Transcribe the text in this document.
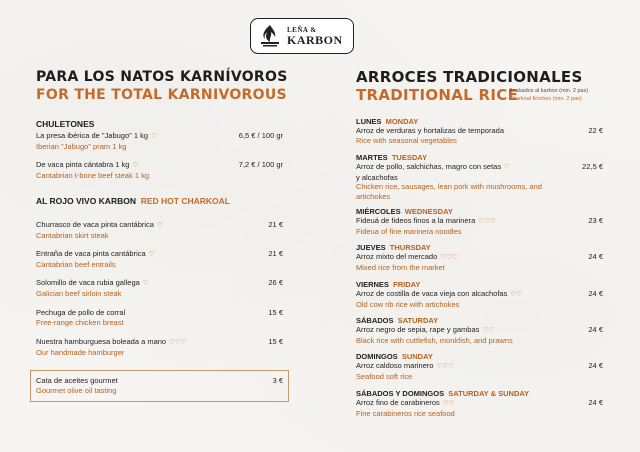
LEÑA &
KARBON
PARA LOS NATOS KARNÍVOROS
FOR THE TOTAL KARNIVOROUS
CHULETONES
La presa ibérica de "Jabugo" 1 kg ♡
Iberian "Jabugo" pram 1 kg
6,5 € / 100 gr
De vaca pinta cántabra 1 kg ♡
Cantabrian t-bone beef steak 1 kg
7,2 € / 100 gr
AL ROJO VIVO KARBON RED HOT CHARKOAL
Churrasco de vaca pinta cantábrica ♡
Cantabrian skirt steak
21 €
Entraña de vaca pinta cantábrica ♡
Cantabrian beef entrails
21 €
Solomillo de vaca rubia gallega ♡
Galician beef sirloin steak
26 €
Pechuga de pollo de corral
Free-range chicken breast
15 €
Nuestra hamburguesa boleada a mano ♡♡♡
Our handmade hamburger
15 €
Cata de aceites gourmet
Gourmet olive oil tasting
3 €
ARROCES TRADICIONALES
TRADITIONAL RICE
Acabados al karbon (min. 2 pax)
Charkoal finishes (min. 2 pax)
LUNES MONDAY
Arroz de verduras y hortalizas de temporada
Rice with seasonal vegetables
22 €
MARTES TUESDAY
Arroz de pollo, salchichas, magro con setas ♡
y alcachofas
Chicken rice, sausages, lean pork with mushrooms, and
artichokes
22,5 €
MIÉRCOLES WEDNESDAY
Fideuá de fideos finos a la marinera ♡♡♡
Fideua of fine marinera noodles
23 €
JUEVES THURSDAY
Arroz mixto del mercado ♡♡♡
Mixed rice from the market
24 €
VIERNES FRIDAY
Arroz de costilla de vaca vieja con alcachofas ♡♡
Old cow rib rice with artichokes
24 €
SÁBADOS SATURDAY
Arroz negro de sepia, rape y gambas ♡♡
Black rice with cuttlefish, monkfish, and prawns
24 €
DOMINGOS SUNDAY
Arroz caldoso marinero ♡♡♡
Seafood soft rice
24 €
SÁBADOS Y DOMINGOS SATURDAY & SUNDAY
Arroz fino de carabineros ♡♡
Fine carabineros rice seafood
24 €
